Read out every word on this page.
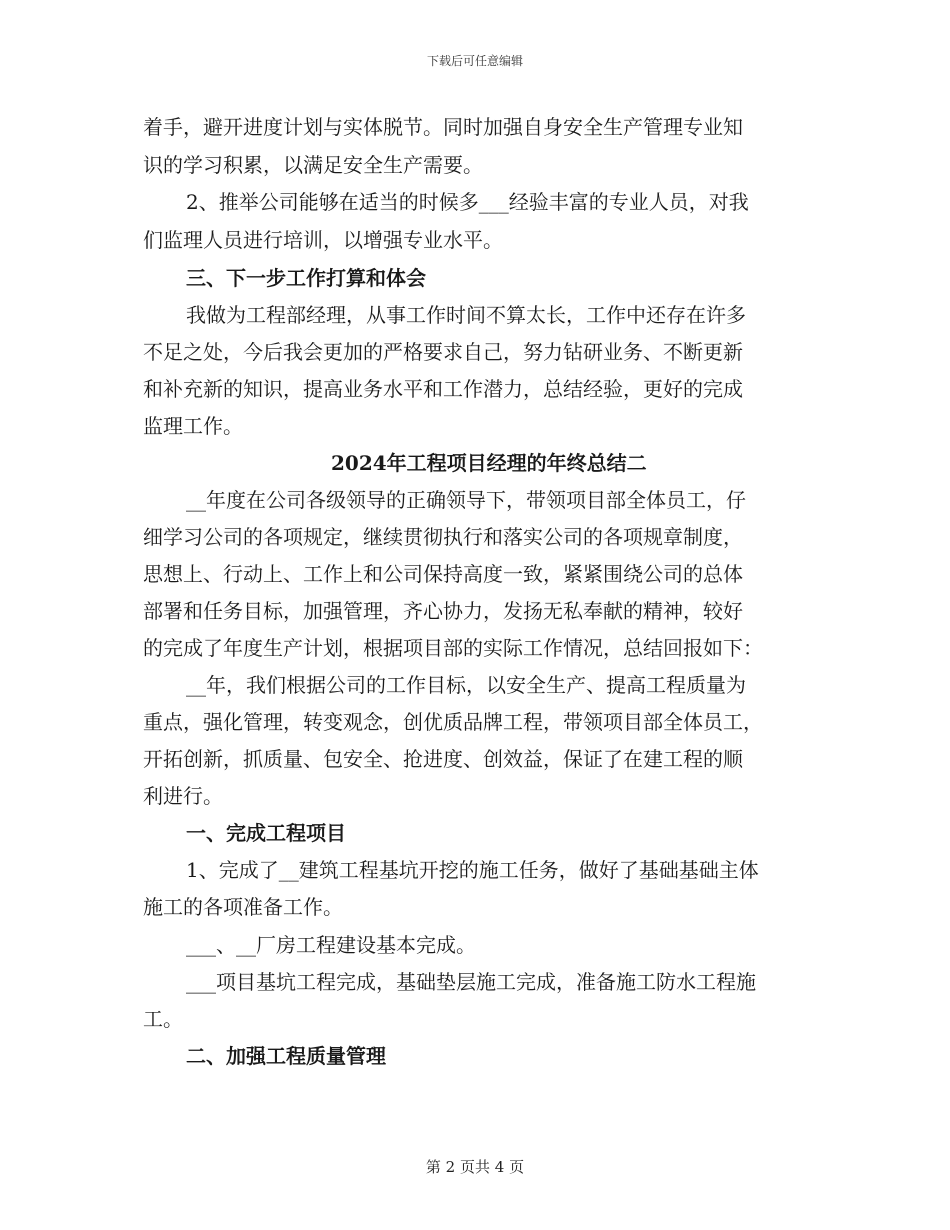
下载后可任意编辑
着手，避开进度计划与实体脱节。同时加强自身安全生产管理专业知
识的学习积累，以满足安全生产需要。
2、推举公司能够在适当的时候多___经验丰富的专业人员，对我
们监理人员进行培训，以增强专业水平。
三、下一步工作打算和体会
我做为工程部经理，从事工作时间不算太长，工作中还存在许多
不足之处，今后我会更加的严格要求自己，努力钻研业务、不断更新
和补充新的知识，提高业务水平和工作潜力，总结经验，更好的完成
监理工作。
2024年工程项目经理的年终总结二
__年度在公司各级领导的正确领导下，带领项目部全体员工，仔
细学习公司的各项规定，继续贯彻执行和落实公司的各项规章制度，
思想上、行动上、工作上和公司保持高度一致，紧紧围绕公司的总体
部署和任务目标，加强管理，齐心协力，发扬无私奉献的精神，较好
的完成了年度生产计划，根据项目部的实际工作情况，总结回报如下：
__年，我们根据公司的工作目标，以安全生产、提高工程质量为
重点，强化管理，转变观念，创优质品牌工程，带领项目部全体员工，
开拓创新，抓质量、包安全、抢进度、创效益，保证了在建工程的顺
利进行。
一、完成工程项目
1、完成了__建筑工程基坑开挖的施工任务，做好了基础基础主体
施工的各项准备工作。
___、__厂房工程建设基本完成。
___项目基坑工程完成，基础垫层施工完成，准备施工防水工程施
工。
二、加强工程质量管理
第 2 页共 4 页
